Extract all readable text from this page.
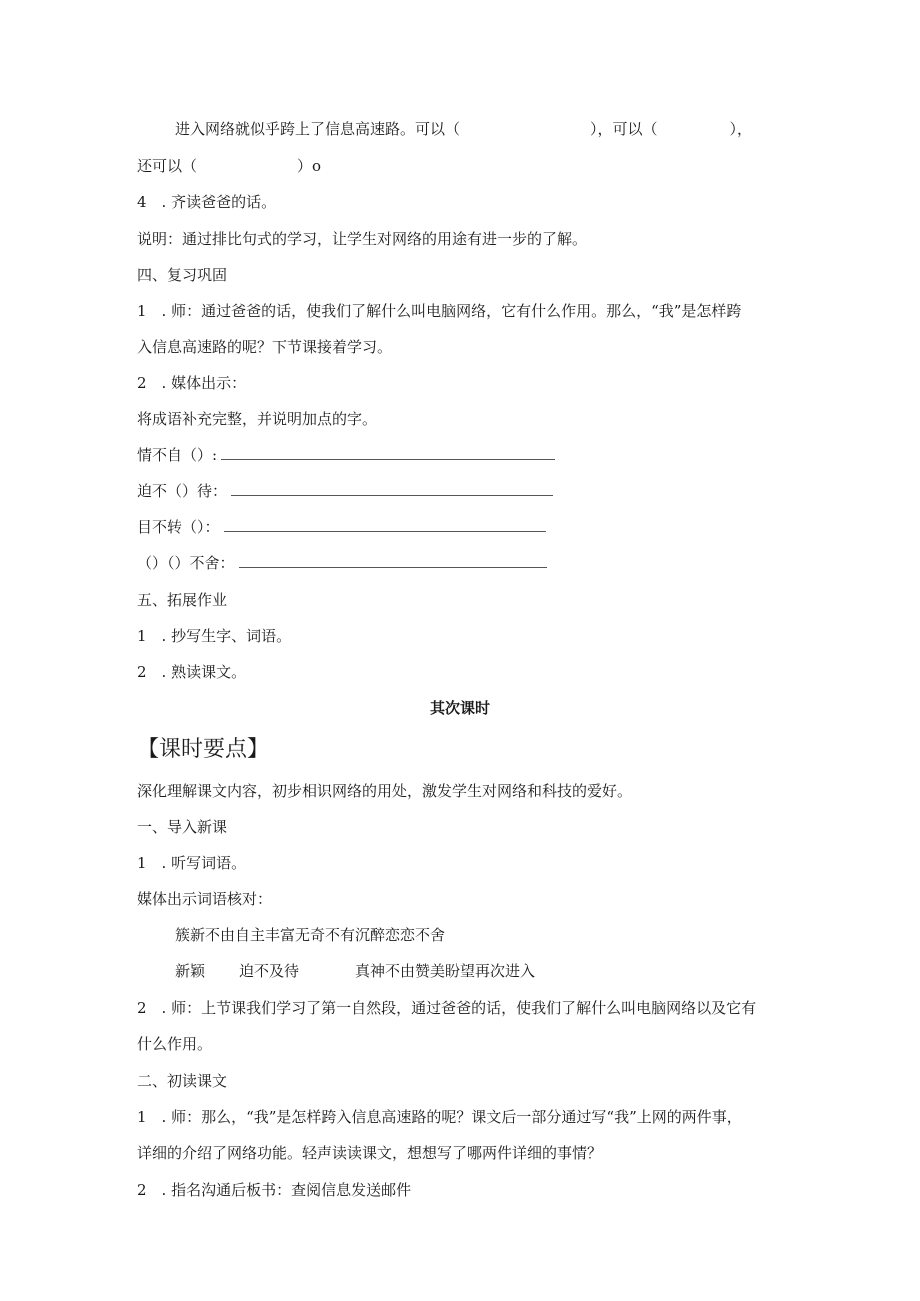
进入网络就似乎跨上了信息高速路。可以（	），可以（	），
还可以（	）o
4　. 齐读爸爸的话。
说明：通过排比句式的学习，让学生对网络的用途有进一步的了解。
四、复习巩固
1　. 师：通过爸爸的话，使我们了解什么叫电脑网络，它有什么作用。那么，“我”是怎样跨
入信息高速路的呢？下节课接着学习。
2　. 媒体出示：
将成语补充完整，并说明加点的字。
情不自（）:
迫不（）待：
目不转（）：
（）（）不舍：
五、拓展作业
1　. 抄写生字、词语。
2　. 熟读课文。
其次课时
【课时要点】
深化理解课文内容，初步相识网络的用处，激发学生对网络和科技的爱好。
一、导入新课
1　. 听写词语。
媒体出示词语核对：
簇新不由自主丰富无奇不有沉醉恋恋不舍
新颖 迫不及待	真神不由赞美盼望再次进入
2　. 师：上节课我们学习了第一自然段，通过爸爸的话，使我们了解什么叫电脑网络以及它有
什么作用。
二、初读课文
1　. 师：那么，“我”是怎样跨入信息高速路的呢？课文后一部分通过写“我”上网的两件事，
详细的介绍了网络功能。轻声读读课文，想想写了哪两件详细的事情？
2　. 指名沟通后板书：查阅信息发送邮件
